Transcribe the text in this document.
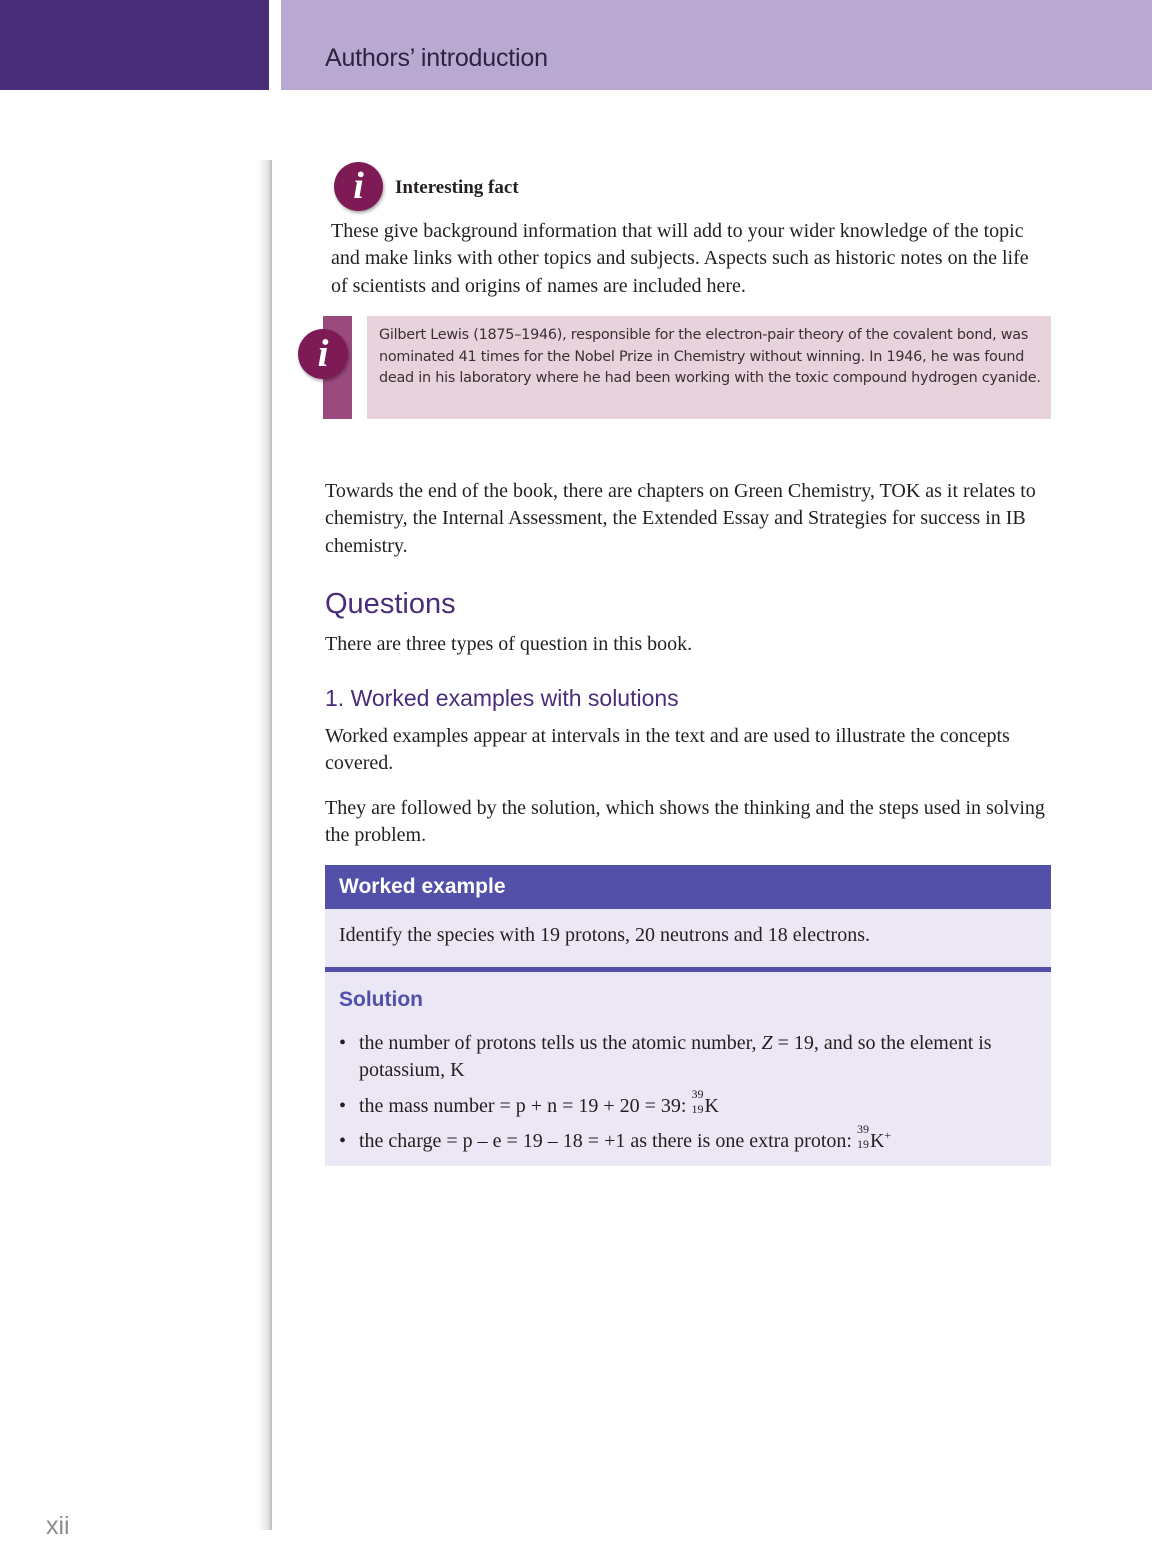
Authors’ introduction
i	Interesting fact
These give background information that will add to your wider knowledge of the topic and make links with other topics and subjects. Aspects such as historic notes on the life of scientists and origins of names are included here.
i	Gilbert Lewis (1875–1946), responsible for the electron-pair theory of the covalent bond, was nominated 41 times for the Nobel Prize in Chemistry without winning. In 1946, he was found dead in his laboratory where he had been working with the toxic compound hydrogen cyanide.
Towards the end of the book, there are chapters on Green Chemistry, TOK as it relates to chemistry, the Internal Assessment, the Extended Essay and Strategies for success in IB chemistry.
Questions
There are three types of question in this book.
1. Worked examples with solutions
Worked examples appear at intervals in the text and are used to illustrate the concepts covered.
They are followed by the solution, which shows the thinking and the steps used in solving the problem.
Worked example
Identify the species with 19 protons, 20 neutrons and 18 electrons.
Solution
• the number of protons tells us the atomic number, Z = 19, and so the element is potassium, K
• the mass number = p + n = 19 + 20 = 39:
39
19 K
• the charge = p – e = 19 – 18 = +1 as there is one extra proton:
39
19 K+
xii
